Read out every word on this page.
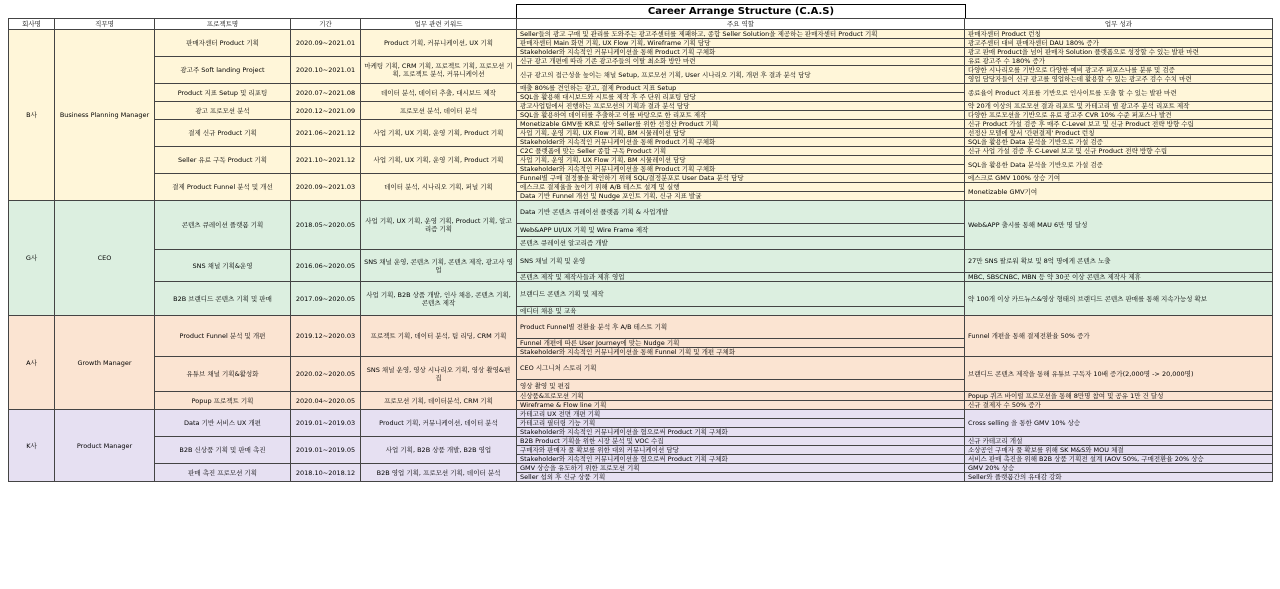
Career Arrange Structure (C.A.S)
회사명	직무명	프로젝트명	기간	업무 관련 키워드	주요 역할	업무 성과
B사	Business Planning Manager	판매자센터 Product 기획	2020.09~2021.01	Product 기획, 커뮤니케이션, UX 기획	Seller들의 광고 구매 및 관리를 도와주는 광고주센터를 제패하고, 종합 Seller Solution을 제공하는 판매자센터 Product 기획	판매자센터 Product 런칭
					판매자센터 Main 화면 기획, UX Flow 기획, Wireframe 기획 담당	광고주센터 대비 판매자센터 DAU 180% 증가
					Stakeholder와 지속적인 커뮤니케이션을 통해 Product 기획 구체화	광고 판매 Product을 넘어 판매자 Solution 플랫폼으로 성장할 수 있는 발판 마련
		광고주 Soft landing Project	2020.10~2021.01	마케팅 기획, CRM 기획, 프로젝트 기획, 프로모션 기획, 프로젝트 분석, 커뮤니케이션	신규 광고 개편에 따라 기존 광고주들의 이탈 최소화 방안 마련	유료 광고주 수 180% 증가
					신규 광고의 접근성을 높이는 채널 Setup, 프로모션 기획, User 시나리오 기획, 개편 후 결과 분석 담당	다양한 시나리오를 기반으로 다양한 예비 광고주 퍼포스나를 분류 및 검증
						영업 담당자들이 신규 광고를 영업하는데 활용할 수 있는 광고주 검수 수치 마련
		Product 지표 Setup 및 리포팅	2020.07~2021.08	데이터 분석, 데이터 추출, 대시보드 제작	매출 80%를 견인하는 광고, 결제 Product 지표 Setup	종료율이 Product 지표를 기반으로 인사이트를 도출 할 수 있는 발판 마련
					SQL을 활용해 대시보드와 시트를 제작 후 주 단위 리포팅 담당	
		광고 프로모션 분석	2020.12~2021.09	프로모션 분석, 데이터 분석	광고사업팀에서 진행하는 프로모션의 기획과 결과 분석 담당	약 20개 이상의 프로모션 결과 리포트 및 카테고리 별 광고주 분석 리포트 제작
					SQL을 활용하여 데이터를 추출하고 이를 바탕으로 한 리포트 제작	다양한 프로모션을 기반으로 유료 광고주 CVR 10% 수준 퍼포스나 발견
		결제 신규 Product 기획	2021.06~2021.12	사업 기획, UX 기획, 운영 기획, Product 기획	Monetizable GMV를 KR로 삼아 Seller를 위한 선정산 Product 기획	신규 Product 가설 검증 후 매주 C-Level 보고 및 신규 Product 전략 방향 수립
					사업 기획, 운영 기획, UX Flow 기획, BM 시뮬레이션 담당	선정산 모델에 앞서 '간편결제' Product 런칭
					Stakeholder와 지속적인 커뮤니케이션을 통해 Product 기획 구체화	SQL을 활용한 Data 분석을 기반으로 가설 검증
		Seller 유료 구독 Product 기획	2021.10~2021.12	사업 기획, UX 기획, 운영 기획, Product 기획	C2C 플랫폼에 맞는 Seller 종합 구독 Product 기획	신규 사업 가설 검증 후 C-Level 보고 및 신규 Product 전략 방향 수립
					사업 기획, 운영 기획, UX Flow 기획, BM 시뮬레이션 담당	SQL을 활용한 Data 분석을 기반으로 가설 검증
					Stakeholder와 지속적인 커뮤니케이션을 통해 Product 기획 구체화	
		결제 Product Funnel 분석 및 개선	2020.09~2021.03	데이터 분석, 시나리오 기획, 퍼널 기획	Funnel별 구매 결정률을 확인하기 위해 SQL/결정분포로 User Data 분석 담당	에스크로 GMV 100% 상승 기여
					에스크로 결제율을 높이기 위해 A/B 테스트 설계 및 실행	Monetizable GMV기여
					Data 기반 Funnel 개선 및 Nudge 포인트 기획, 신규 지표 발굴	
G사	CEO	콘텐츠 큐레이션 플랫폼 기획	2018.05~2020.05	사업 기획, UX 기획, 운영 기획, Product 기획, 알고리즘 기획	Data 기반 콘텐츠 큐레이션 플랫폼 기획 & 사업개발	Web&APP 출시를 통해 MAU 6만 명 달성
					Web&APP UI/UX 기획 및 Wire Frame 제작	
					콘텐츠 큐레이션 알고리즘 개발	
		SNS 채널 기획&운영	2016.06~2020.05	SNS 채널 운영, 콘텐츠 기획, 콘텐츠 제작, 광고사 영업	SNS 채널 기획 및 운영	27만 SNS 팔로워 확보 및 8억 명에게 콘텐츠 노출

					콘텐츠 제작 및 제작사들과 제휴 영업	MBC, SBSCNBC, MBN 등 약 30곳 이상 콘텐츠 제작사 제휴
		B2B 브랜디드 콘텐츠 기획 및 판매	2017.09~2020.05	사업 기획, B2B 상품 개발, 인사 채용, 콘텐츠 기획, 콘텐츠 제작	브랜디드 콘텐츠 기획 및 제작	약 100개 이상 카드뉴스&영상 형태의 브랜디드 콘텐츠 판매를 통해 지속가능성 확보

					에디터 채용 및 교육	
A사	Growth Manager	Product Funnel 분석 및 개편	2019.12~2020.03	프로젝트 기획, 데이터 분석, 팀 리딩, CRM 기획	Product Funnel별 전환율 분석 후 A/B 테스트 기획	Funnel 개편을 통해 결제전환율 50% 증가
					Funnel 개편에 따른 User Journey에 맞는 Nudge 기획	
					Stakeholder와 지속적인 커뮤니케이션을 통해 Funnel 기획 및 개편 구체화	
		유튜브 채널 기획&활성화	2020.02~2020.05	SNS 채널 운영, 영상 시나리오 기획, 영상 촬영&편집	CEO 시그니처 스토리 기획	브랜디드 콘텐츠 제작을 통해 유튜브 구독자 10배 증가(2,000명 -> 20,000명)
					영상 촬영 및 편집	
		Popup 프로젝트 기획	2020.04~2020.05	프로모션 기획, 데이터분석, CRM 기획	신상품&프로모션 기획	Popup 퀴즈 바이럴 프로모션을 통해 8만명 참여 및 공유 1만 건 달성
					Wireframe & Flow line 기획	신규 결제자 수 50% 증가

K사	Product Manager	Data 기반 서비스 UX 개편	2019.01~2019.03	Product 기획, 커뮤니케이션, 데이터 분석	카테고리 UX 전면 개편 기획	Cross selling 을 통한 GMV 10% 상승
					카테고리 필터링 기능 기획	
					Stakeholder와 지속적인 커뮤니케이션을 협으로써 Product 기획 구체화	
		B2B 신상품 기획 및 판매 촉진	2019.01~2019.05	사업 기획, B2B 상품 개발, B2B 영업	B2B Product 기획을 위한 시장 분석 및 VOC 수집	신규 카테고리 개설
					구매자와 판매자 풀 확보를 위한 대외 커뮤니케이션 담당	소상공인 구매자 풀 확보를 위해 SK M&S와 MOU 체결
					Stakeholder와 지속적인 커뮤니케이션을 협으로써 Product 기획 구체화	서비스 판매 촉진을 위해 B2B 상품 기획전 설계 (AOV 50%, 구매전환율 20% 상승
		판매 촉진 프로모션 기획	2018.10~2018.12	B2B 영업 기획, 프로모션 기획, 데이터 분석	GMV 상승을 유도하기 위한 프로모션 기획	GMV 20% 상승
					Seller 섭외 후 신규 상품 기획	Seller와 플랫폼간의 유대감 강화
